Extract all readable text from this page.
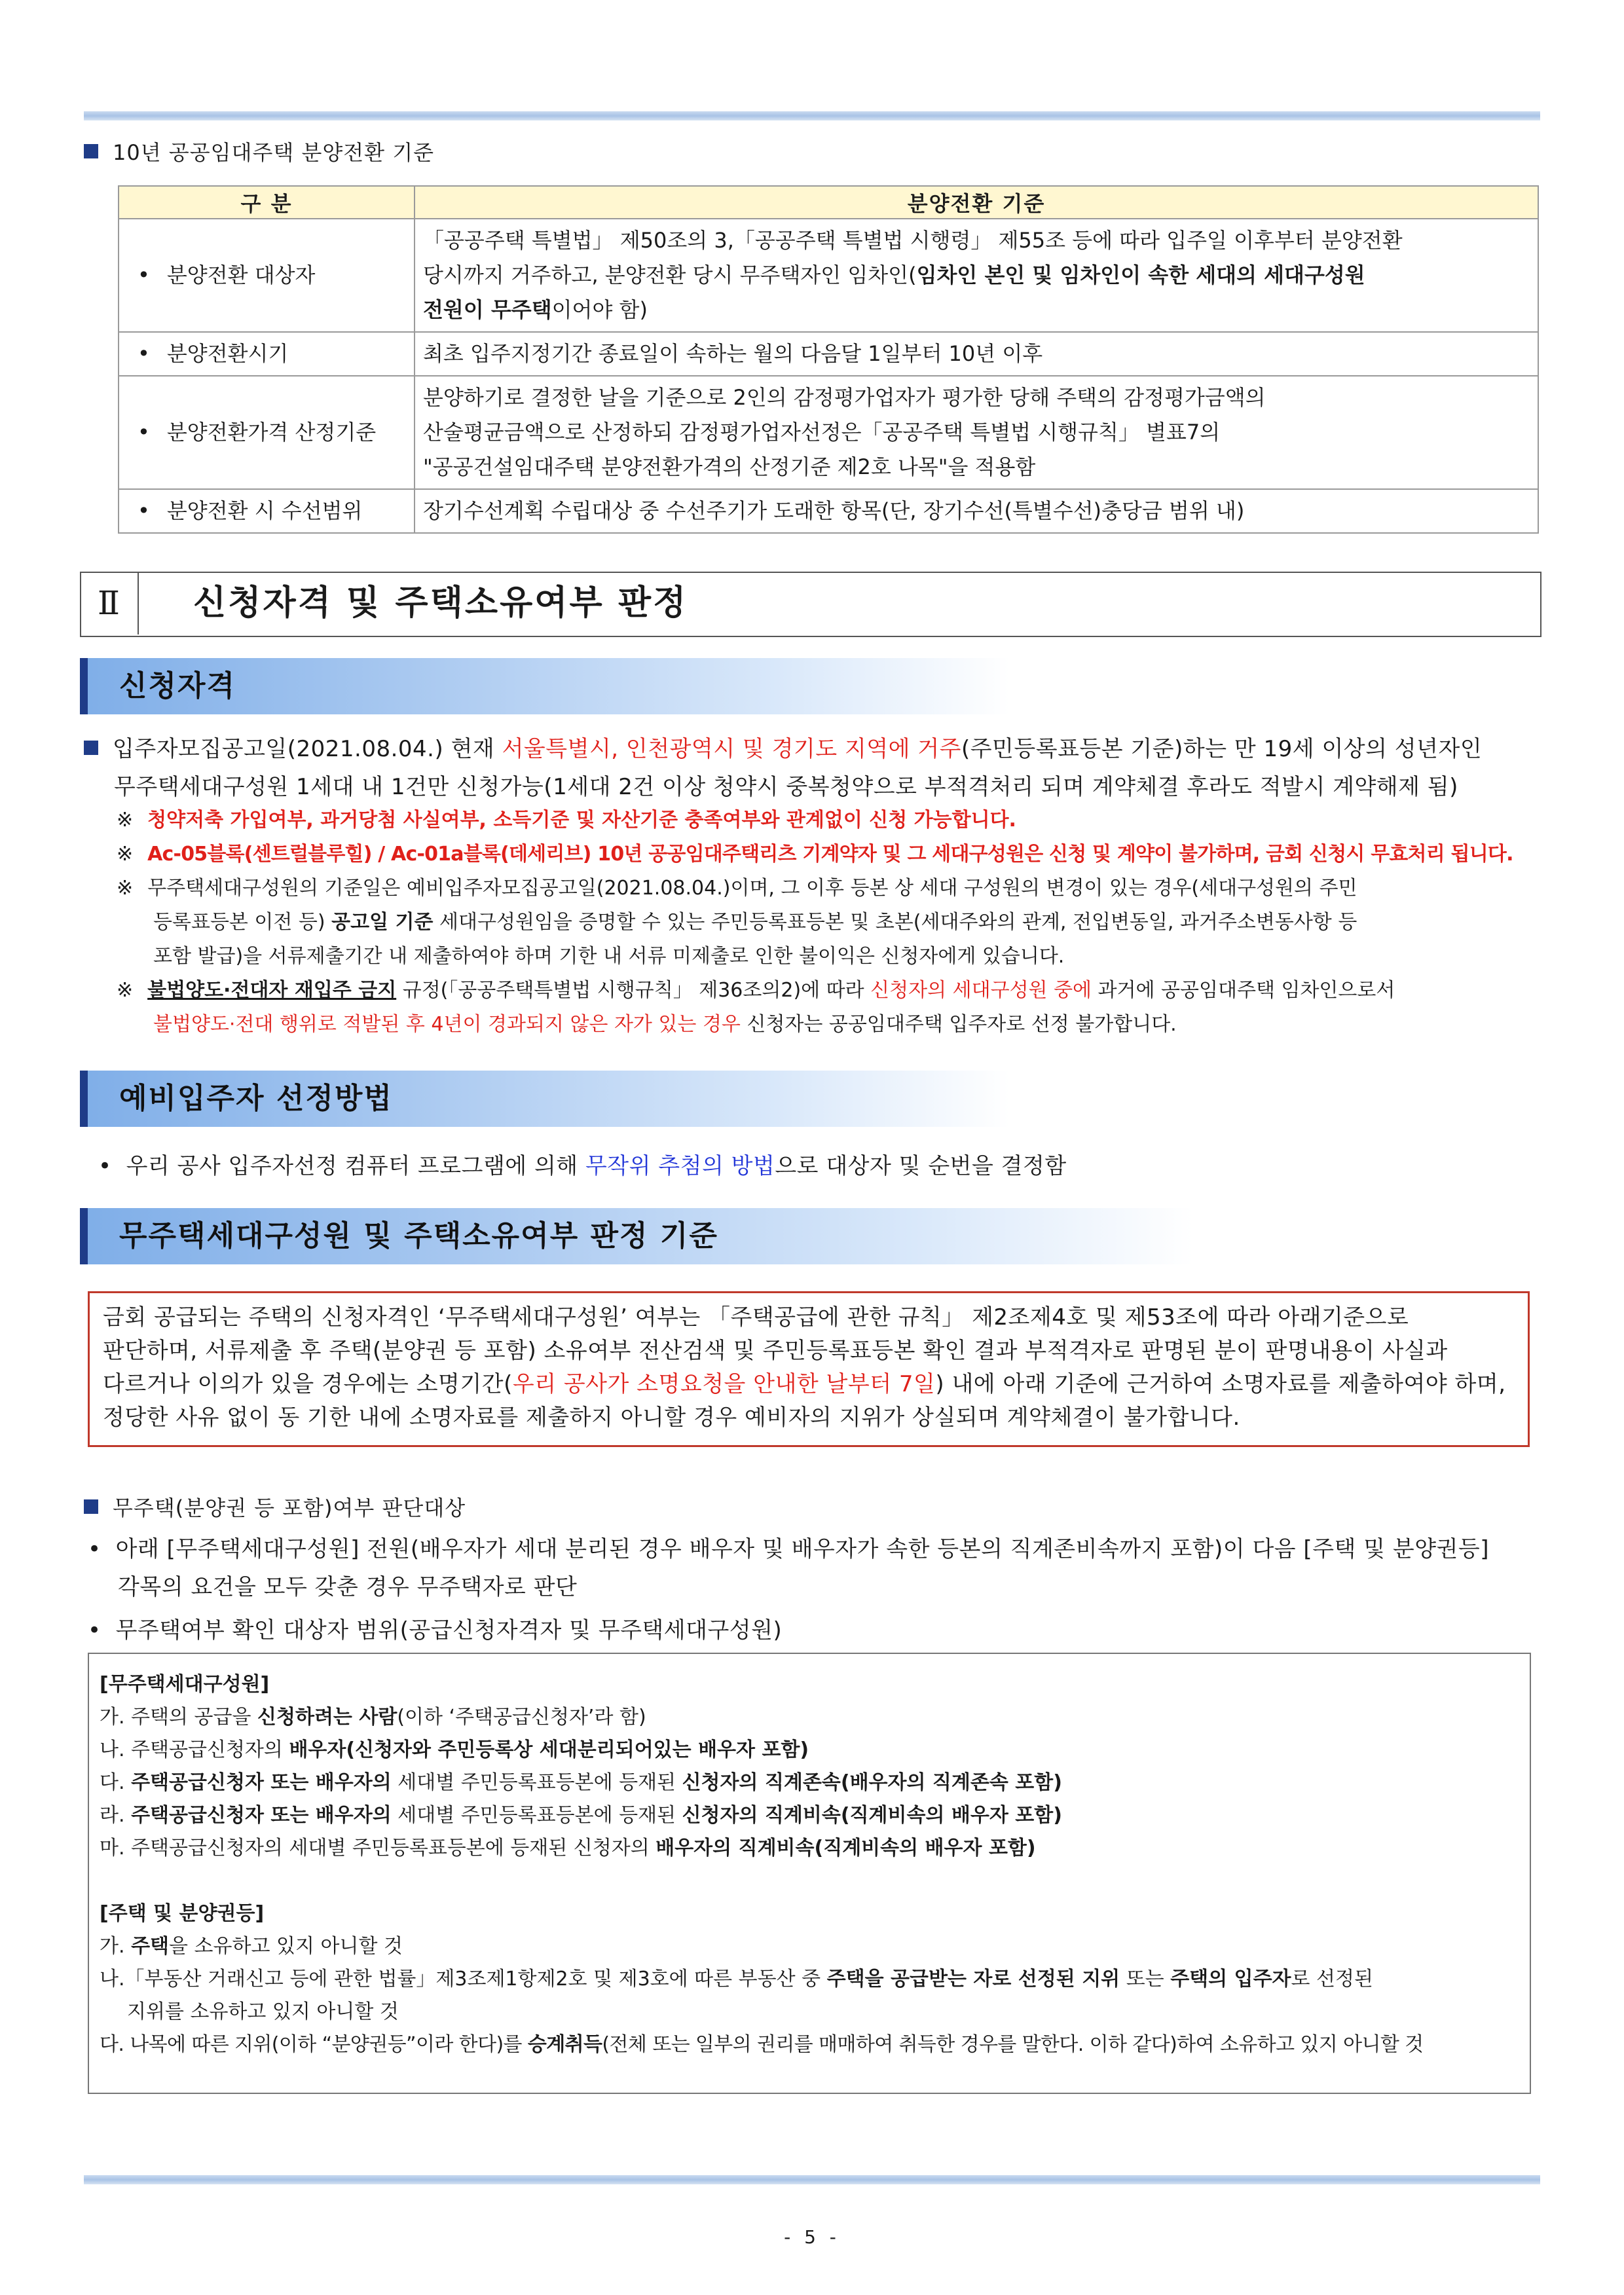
10년 공공임대주택 분양전환 기준
구 분	분양전환 기준
• 분양전환 대상자	「공공주택 특별법」 제50조의 3,「공공주택 특별법 시행령」 제55조 등에 따라 입주일 이후부터 분양전환
당시까지 거주하고, 분양전환 당시 무주택자인 임차인(임차인 본인 및 임차인이 속한 세대의 세대구성원
전원이 무주택이어야 함)

• 분양전환시기	최초 입주지정기간 종료일이 속하는 월의 다음달 1일부터 10년 이후
• 분양전환가격 산정기준	분양하기로 결정한 날을 기준으로 2인의 감정평가업자가 평가한 당해 주택의 감정평가금액의
산술평균금액으로 산정하되 감정평가업자선정은「공공주택 특별법 시행규칙」 별표7의
"공공건설임대주택 분양전환가격의 산정기준 제2호 나목"을 적용함

• 분양전환 시 수선범위	장기수선계획 수립대상 중 수선주기가 도래한 항목(단, 장기수선(특별수선)충당금 범위 내)
Ⅱ	신청자격 및 주택소유여부 판정
신청자격
입주자모집공고일(2021.08.04.) 현재 서울특별시, 인천광역시 및 경기도 지역에 거주(주민등록표등본 기준)하는 만 19세 이상의 성년자인
무주택세대구성원 1세대 내 1건만 신청가능(1세대 2건 이상 청약시 중복청약으로 부적격처리 되며 계약체결 후라도 적발시 계약해제 됨)
※ 청약저축 가입여부, 과거당첨 사실여부, 소득기준 및 자산기준 충족여부와 관계없이 신청 가능합니다.
※ Ac-05블록(센트럴블루힐) / Ac-01a블록(데세리브) 10년 공공임대주택리츠 기계약자 및 그 세대구성원은 신청 및 계약이 불가하며, 금회 신청시 무효처리 됩니다.
※ 무주택세대구성원의 기준일은 예비입주자모집공고일(2021.08.04.)이며, 그 이후 등본 상 세대 구성원의 변경이 있는 경우(세대구성원의 주민
등록표등본 이전 등) 공고일 기준 세대구성원임을 증명할 수 있는 주민등록표등본 및 초본(세대주와의 관계, 전입변동일, 과거주소변동사항 등
포함 발급)을 서류제출기간 내 제출하여야 하며 기한 내 서류 미제출로 인한 불이익은 신청자에게 있습니다.
※ 불법양도·전대자 재입주 금지 규정(「공공주택특별법 시행규칙」 제36조의2)에 따라 신청자의 세대구성원 중에 과거에 공공임대주택 임차인으로서
불법양도·전대 행위로 적발된 후 4년이 경과되지 않은 자가 있는 경우 신청자는 공공임대주택 입주자로 선정 불가합니다.
예비입주자 선정방법
• 우리 공사 입주자선정 컴퓨터 프로그램에 의해 무작위 추첨의 방법으로 대상자 및 순번을 결정함
무주택세대구성원 및 주택소유여부 판정 기준
금회 공급되는 주택의 신청자격인 ‘무주택세대구성원’ 여부는 「주택공급에 관한 규칙」 제2조제4호 및 제53조에 따라 아래기준으로
판단하며, 서류제출 후 주택(분양권 등 포함) 소유여부 전산검색 및 주민등록표등본 확인 결과 부적격자로 판명된 분이 판명내용이 사실과
다르거나 이의가 있을 경우에는 소명기간(우리 공사가 소명요청을 안내한 날부터 7일) 내에 아래 기준에 근거하여 소명자료를 제출하여야 하며,
정당한 사유 없이 동 기한 내에 소명자료를 제출하지 아니할 경우 예비자의 지위가 상실되며 계약체결이 불가합니다.
무주택(분양권 등 포함)여부 판단대상
• 아래 [무주택세대구성원] 전원(배우자가 세대 분리된 경우 배우자 및 배우자가 속한 등본의 직계존비속까지 포함)이 다음 [주택 및 분양권등]
각목의 요건을 모두 갖춘 경우 무주택자로 판단
• 무주택여부 확인 대상자 범위(공급신청자격자 및 무주택세대구성원)
[무주택세대구성원]
가. 주택의 공급을 신청하려는 사람(이하 ‘주택공급신청자’라 함)
나. 주택공급신청자의 배우자(신청자와 주민등록상 세대분리되어있는 배우자 포함)
다. 주택공급신청자 또는 배우자의 세대별 주민등록표등본에 등재된 신청자의 직계존속(배우자의 직계존속 포함)
라. 주택공급신청자 또는 배우자의 세대별 주민등록표등본에 등재된 신청자의 직계비속(직계비속의 배우자 포함)
마. 주택공급신청자의 세대별 주민등록표등본에 등재된 신청자의 배우자의 직계비속(직계비속의 배우자 포함)
[주택 및 분양권등]
가. 주택을 소유하고 있지 아니할 것
나.「부동산 거래신고 등에 관한 법률」제3조제1항제2호 및 제3호에 따른 부동산 중 주택을 공급받는 자로 선정된 지위 또는 주택의 입주자로 선정된
지위를 소유하고 있지 아니할 것
다. 나목에 따른 지위(이하 “분양권등”이라 한다)를 승계취득(전체 또는 일부의 권리를 매매하여 취득한 경우를 말한다. 이하 같다)하여 소유하고 있지 아니할 것
- 5 -
